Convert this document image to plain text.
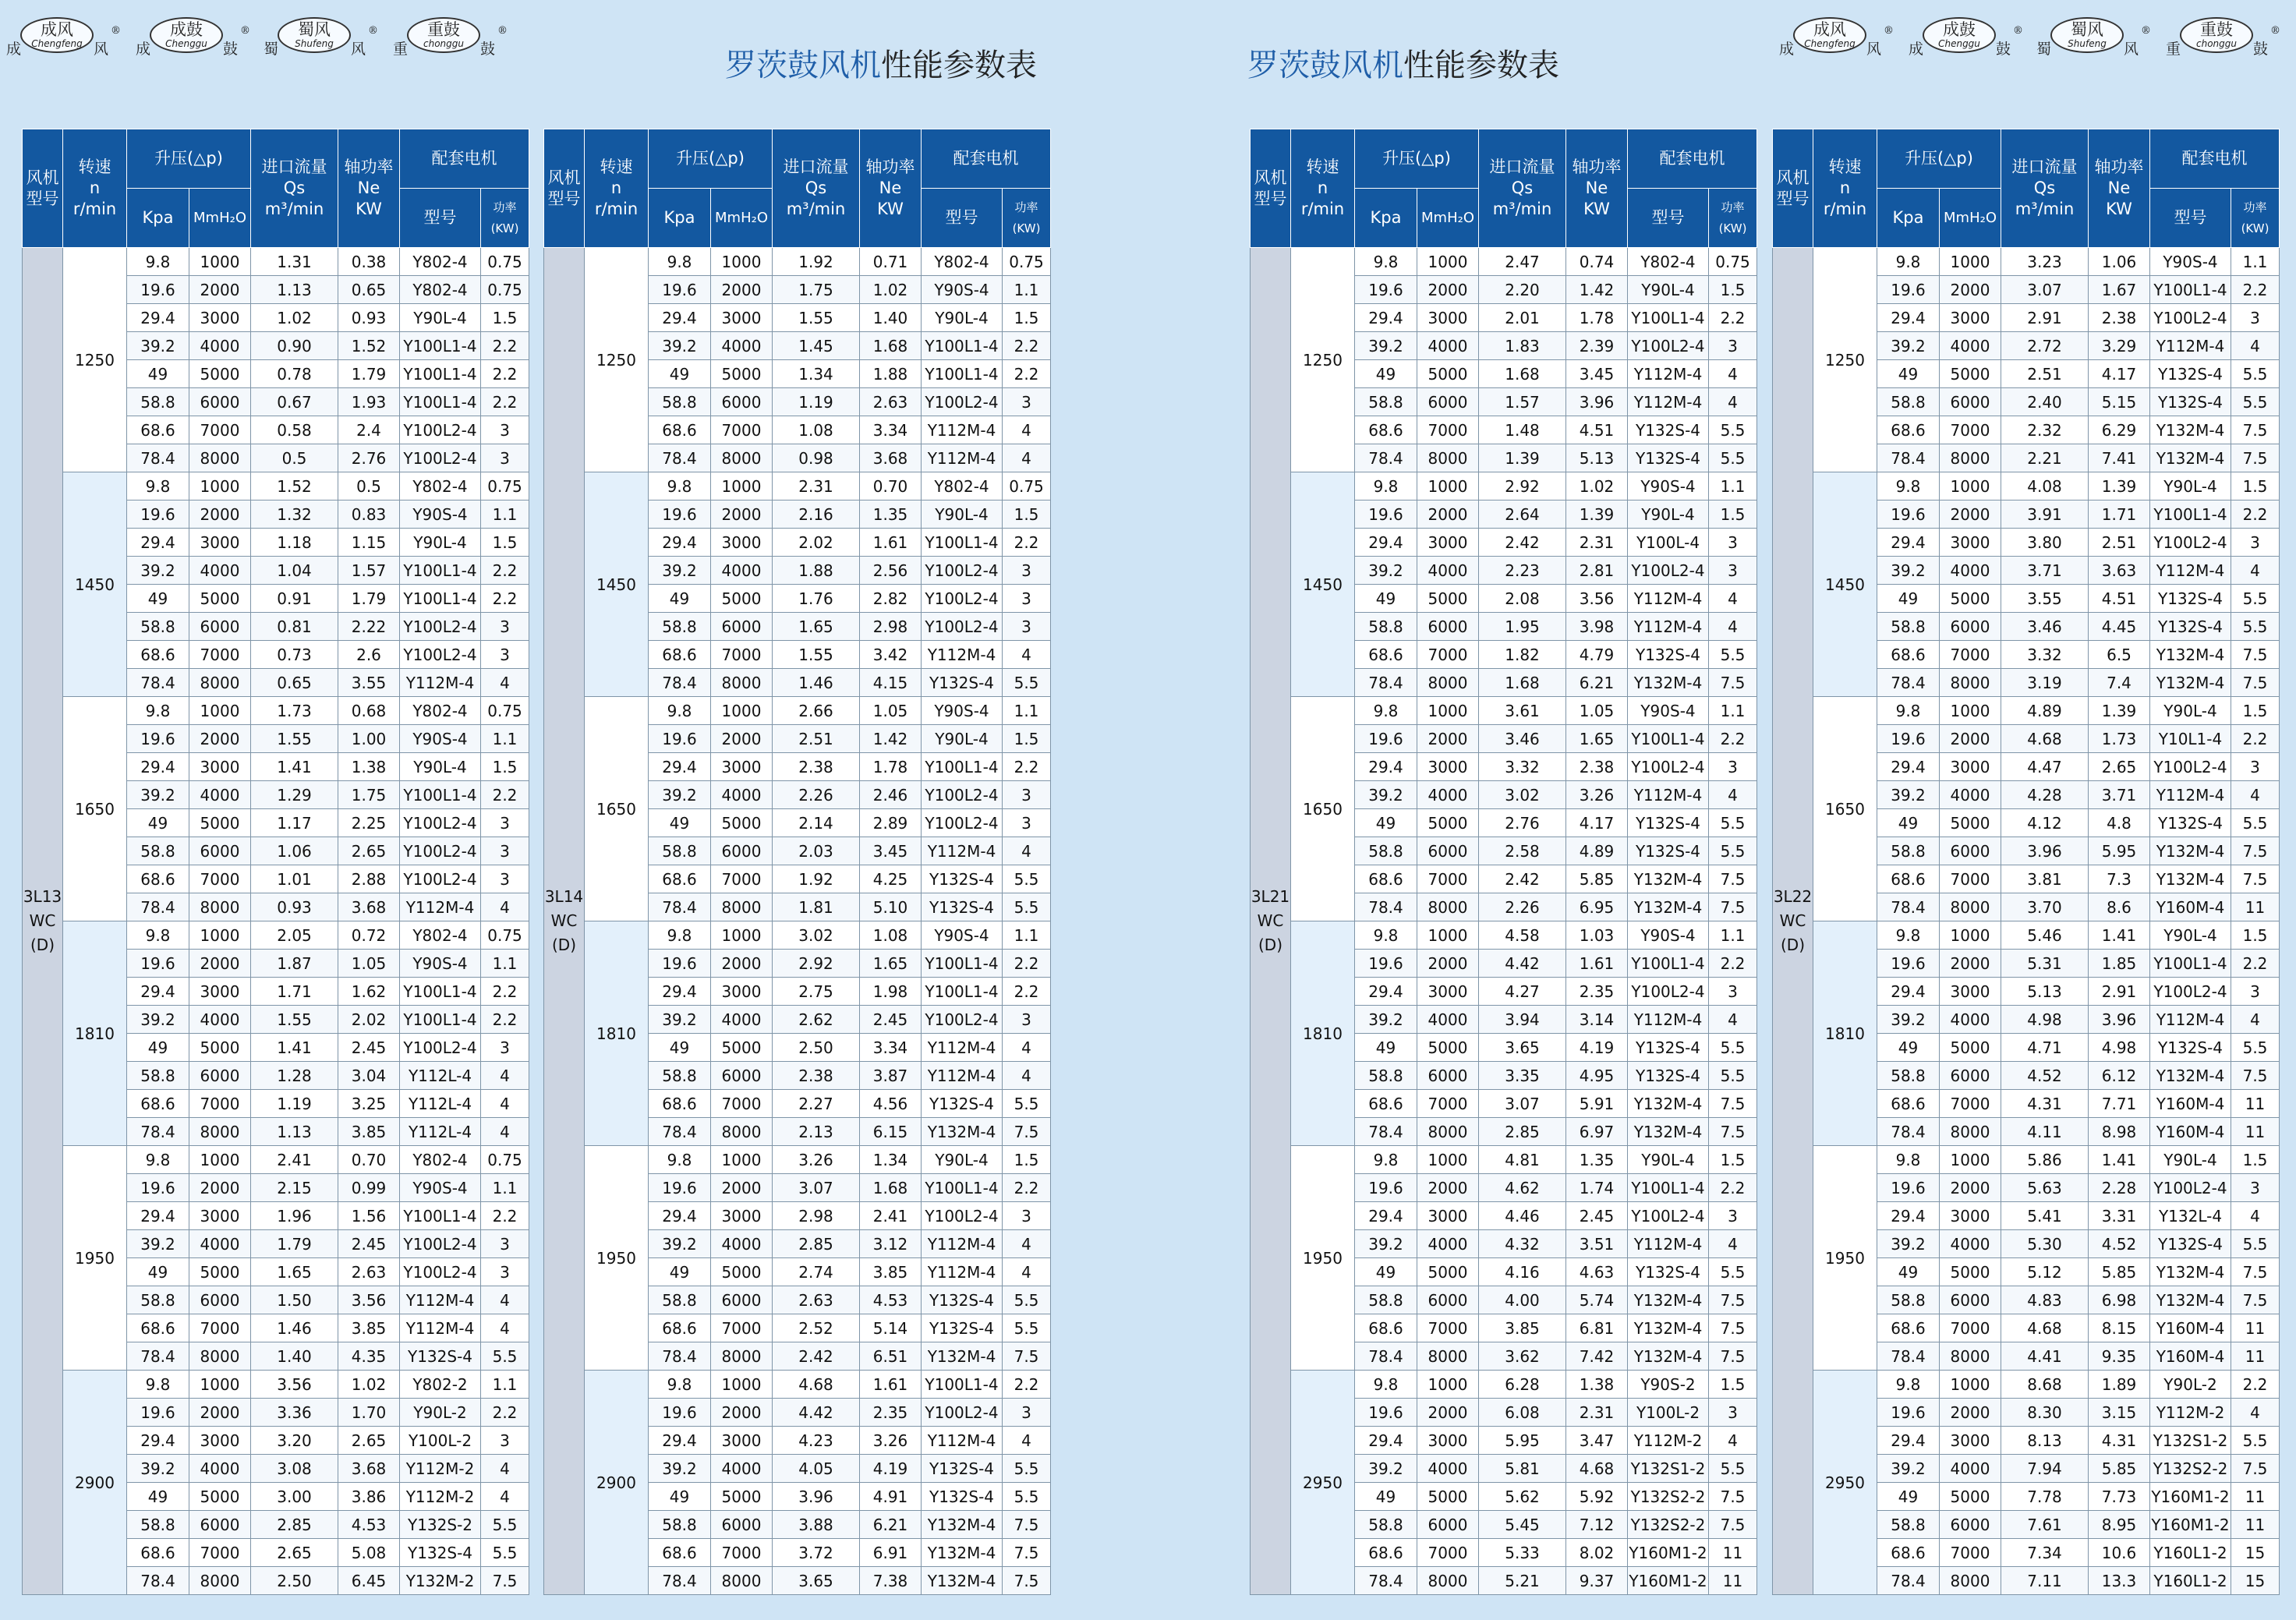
成
成风
Chengfeng 风
®
成
成鼓
Chenggu	鼓
®
蜀
蜀风
Shufeng	风
®
重
重鼓
chonggu	鼓
®
成
成风
Chengfeng 风
®
成
成鼓
Chenggu	鼓
®
蜀
蜀风
Shufeng	风
®
重
重鼓
chonggu	鼓
®
罗茨鼓风机性能参数表	罗茨鼓风机性能参数表
风机
型号	转速
n
r/min	升压(△p)		进口流量
Qs
m³/min	轴功率
Ne
KW	配套电机	
		Kpa	MmH₂O			型号	功率
(KW)
3L13
WC
(D)	1250	9.8	1000	1.31	0.38	Y802-4	0.75
		19.6	2000	1.13	0.65	Y802-4	0.75
		29.4	3000	1.02	0.93	Y90L-4	1.5
		39.2	4000	0.90	1.52	Y100L1-4	2.2
		49	5000	0.78	1.79	Y100L1-4	2.2
		58.8	6000	0.67	1.93	Y100L1-4	2.2
		68.6	7000	0.58	2.4	Y100L2-4	3
		78.4	8000	0.5	2.76	Y100L2-4	3
	1450	9.8	1000	1.52	0.5	Y802-4	0.75
		19.6	2000	1.32	0.83	Y90S-4	1.1
		29.4	3000	1.18	1.15	Y90L-4	1.5
		39.2	4000	1.04	1.57	Y100L1-4	2.2
		49	5000	0.91	1.79	Y100L1-4	2.2
		58.8	6000	0.81	2.22	Y100L2-4	3
		68.6	7000	0.73	2.6	Y100L2-4	3
		78.4	8000	0.65	3.55	Y112M-4	4
	1650	9.8	1000	1.73	0.68	Y802-4	0.75
		19.6	2000	1.55	1.00	Y90S-4	1.1
		29.4	3000	1.41	1.38	Y90L-4	1.5
		39.2	4000	1.29	1.75	Y100L1-4	2.2
		49	5000	1.17	2.25	Y100L2-4	3
		58.8	6000	1.06	2.65	Y100L2-4	3
		68.6	7000	1.01	2.88	Y100L2-4	3
		78.4	8000	0.93	3.68	Y112M-4	4
	1810	9.8	1000	2.05	0.72	Y802-4	0.75
		19.6	2000	1.87	1.05	Y90S-4	1.1
		29.4	3000	1.71	1.62	Y100L1-4	2.2
		39.2	4000	1.55	2.02	Y100L1-4	2.2
		49	5000	1.41	2.45	Y100L2-4	3
		58.8	6000	1.28	3.04	Y112L-4	4
		68.6	7000	1.19	3.25	Y112L-4	4
		78.4	8000	1.13	3.85	Y112L-4	4
	1950	9.8	1000	2.41	0.70	Y802-4	0.75
		19.6	2000	2.15	0.99	Y90S-4	1.1
		29.4	3000	1.96	1.56	Y100L1-4	2.2
		39.2	4000	1.79	2.45	Y100L2-4	3
		49	5000	1.65	2.63	Y100L2-4	3
		58.8	6000	1.50	3.56	Y112M-4	4
		68.6	7000	1.46	3.85	Y112M-4	4
		78.4	8000	1.40	4.35	Y132S-4	5.5
	2900	9.8	1000	3.56	1.02	Y802-2	1.1
		19.6	2000	3.36	1.70	Y90L-2	2.2
		29.4	3000	3.20	2.65	Y100L-2	3
		39.2	4000	3.08	3.68	Y112M-2	4
		49	5000	3.00	3.86	Y112M-2	4
		58.8	6000	2.85	4.53	Y132S-2	5.5
		68.6	7000	2.65	5.08	Y132S-4	5.5
		78.4	8000	2.50	6.45	Y132M-2	7.5
风机
型号	转速
n
r/min	升压(△p)		进口流量
Qs
m³/min	轴功率
Ne
KW	配套电机	
		Kpa	MmH₂O			型号	功率
(KW)
3L14
WC
(D)	1250	9.8	1000	1.92	0.71	Y802-4	0.75
		19.6	2000	1.75	1.02	Y90S-4	1.1
		29.4	3000	1.55	1.40	Y90L-4	1.5
		39.2	4000	1.45	1.68	Y100L1-4	2.2
		49	5000	1.34	1.88	Y100L1-4	2.2
		58.8	6000	1.19	2.63	Y100L2-4	3
		68.6	7000	1.08	3.34	Y112M-4	4
		78.4	8000	0.98	3.68	Y112M-4	4
	1450	9.8	1000	2.31	0.70	Y802-4	0.75
		19.6	2000	2.16	1.35	Y90L-4	1.5
		29.4	3000	2.02	1.61	Y100L1-4	2.2
		39.2	4000	1.88	2.56	Y100L2-4	3
		49	5000	1.76	2.82	Y100L2-4	3
		58.8	6000	1.65	2.98	Y100L2-4	3
		68.6	7000	1.55	3.42	Y112M-4	4
		78.4	8000	1.46	4.15	Y132S-4	5.5
	1650	9.8	1000	2.66	1.05	Y90S-4	1.1
		19.6	2000	2.51	1.42	Y90L-4	1.5
		29.4	3000	2.38	1.78	Y100L1-4	2.2
		39.2	4000	2.26	2.46	Y100L2-4	3
		49	5000	2.14	2.89	Y100L2-4	3
		58.8	6000	2.03	3.45	Y112M-4	4
		68.6	7000	1.92	4.25	Y132S-4	5.5
		78.4	8000	1.81	5.10	Y132S-4	5.5
	1810	9.8	1000	3.02	1.08	Y90S-4	1.1
		19.6	2000	2.92	1.65	Y100L1-4	2.2
		29.4	3000	2.75	1.98	Y100L1-4	2.2
		39.2	4000	2.62	2.45	Y100L2-4	3
		49	5000	2.50	3.34	Y112M-4	4
		58.8	6000	2.38	3.87	Y112M-4	4
		68.6	7000	2.27	4.56	Y132S-4	5.5
		78.4	8000	2.13	6.15	Y132M-4	7.5
	1950	9.8	1000	3.26	1.34	Y90L-4	1.5
		19.6	2000	3.07	1.68	Y100L1-4	2.2
		29.4	3000	2.98	2.41	Y100L2-4	3
		39.2	4000	2.85	3.12	Y112M-4	4
		49	5000	2.74	3.85	Y112M-4	4
		58.8	6000	2.63	4.53	Y132S-4	5.5
		68.6	7000	2.52	5.14	Y132S-4	5.5
		78.4	8000	2.42	6.51	Y132M-4	7.5
	2900	9.8	1000	4.68	1.61	Y100L1-4	2.2
		19.6	2000	4.42	2.35	Y100L2-4	3
		29.4	3000	4.23	3.26	Y112M-4	4
		39.2	4000	4.05	4.19	Y132S-4	5.5
		49	5000	3.96	4.91	Y132S-4	5.5
		58.8	6000	3.88	6.21	Y132M-4	7.5
		68.6	7000	3.72	6.91	Y132M-4	7.5
		78.4	8000	3.65	7.38	Y132M-4	7.5
风机
型号	转速
n
r/min	升压(△p)		进口流量
Qs
m³/min	轴功率
Ne
KW	配套电机	
		Kpa	MmH₂O			型号	功率
(KW)
3L21
WC
(D)	1250	9.8	1000	2.47	0.74	Y802-4	0.75
		19.6	2000	2.20	1.42	Y90L-4	1.5
		29.4	3000	2.01	1.78	Y100L1-4	2.2
		39.2	4000	1.83	2.39	Y100L2-4	3
		49	5000	1.68	3.45	Y112M-4	4
		58.8	6000	1.57	3.96	Y112M-4	4
		68.6	7000	1.48	4.51	Y132S-4	5.5
		78.4	8000	1.39	5.13	Y132S-4	5.5
	1450	9.8	1000	2.92	1.02	Y90S-4	1.1
		19.6	2000	2.64	1.39	Y90L-4	1.5
		29.4	3000	2.42	2.31	Y100L-4	3
		39.2	4000	2.23	2.81	Y100L2-4	3
		49	5000	2.08	3.56	Y112M-4	4
		58.8	6000	1.95	3.98	Y112M-4	4
		68.6	7000	1.82	4.79	Y132S-4	5.5
		78.4	8000	1.68	6.21	Y132M-4	7.5
	1650	9.8	1000	3.61	1.05	Y90S-4	1.1
		19.6	2000	3.46	1.65	Y100L1-4	2.2
		29.4	3000	3.32	2.38	Y100L2-4	3
		39.2	4000	3.02	3.26	Y112M-4	4
		49	5000	2.76	4.17	Y132S-4	5.5
		58.8	6000	2.58	4.89	Y132S-4	5.5
		68.6	7000	2.42	5.85	Y132M-4	7.5
		78.4	8000	2.26	6.95	Y132M-4	7.5
	1810	9.8	1000	4.58	1.03	Y90S-4	1.1
		19.6	2000	4.42	1.61	Y100L1-4	2.2
		29.4	3000	4.27	2.35	Y100L2-4	3
		39.2	4000	3.94	3.14	Y112M-4	4
		49	5000	3.65	4.19	Y132S-4	5.5
		58.8	6000	3.35	4.95	Y132S-4	5.5
		68.6	7000	3.07	5.91	Y132M-4	7.5
		78.4	8000	2.85	6.97	Y132M-4	7.5
	1950	9.8	1000	4.81	1.35	Y90L-4	1.5
		19.6	2000	4.62	1.74	Y100L1-4	2.2
		29.4	3000	4.46	2.45	Y100L2-4	3
		39.2	4000	4.32	3.51	Y112M-4	4
		49	5000	4.16	4.63	Y132S-4	5.5
		58.8	6000	4.00	5.74	Y132M-4	7.5
		68.6	7000	3.85	6.81	Y132M-4	7.5
		78.4	8000	3.62	7.42	Y132M-4	7.5
	2950	9.8	1000	6.28	1.38	Y90S-2	1.5
		19.6	2000	6.08	2.31	Y100L-2	3
		29.4	3000	5.95	3.47	Y112M-2	4
		39.2	4000	5.81	4.68	Y132S1-2	5.5
		49	5000	5.62	5.92	Y132S2-2	7.5
		58.8	6000	5.45	7.12	Y132S2-2	7.5
		68.6	7000	5.33	8.02	Y160M1-2	11
		78.4	8000	5.21	9.37	Y160M1-2	11
风机
型号	转速
n
r/min	升压(△p)		进口流量
Qs
m³/min	轴功率
Ne
KW	配套电机	
		Kpa	MmH₂O			型号	功率
(KW)
3L22
WC
(D)	1250	9.8	1000	3.23	1.06	Y90S-4	1.1
		19.6	2000	3.07	1.67	Y100L1-4	2.2
		29.4	3000	2.91	2.38	Y100L2-4	3
		39.2	4000	2.72	3.29	Y112M-4	4
		49	5000	2.51	4.17	Y132S-4	5.5
		58.8	6000	2.40	5.15	Y132S-4	5.5
		68.6	7000	2.32	6.29	Y132M-4	7.5
		78.4	8000	2.21	7.41	Y132M-4	7.5
	1450	9.8	1000	4.08	1.39	Y90L-4	1.5
		19.6	2000	3.91	1.71	Y100L1-4	2.2
		29.4	3000	3.80	2.51	Y100L2-4	3
		39.2	4000	3.71	3.63	Y112M-4	4
		49	5000	3.55	4.51	Y132S-4	5.5
		58.8	6000	3.46	4.45	Y132S-4	5.5
		68.6	7000	3.32	6.5	Y132M-4	7.5
		78.4	8000	3.19	7.4	Y132M-4	7.5
	1650	9.8	1000	4.89	1.39	Y90L-4	1.5
		19.6	2000	4.68	1.73	Y10L1-4	2.2
		29.4	3000	4.47	2.65	Y100L2-4	3
		39.2	4000	4.28	3.71	Y112M-4	4
		49	5000	4.12	4.8	Y132S-4	5.5
		58.8	6000	3.96	5.95	Y132M-4	7.5
		68.6	7000	3.81	7.3	Y132M-4	7.5
		78.4	8000	3.70	8.6	Y160M-4	11
	1810	9.8	1000	5.46	1.41	Y90L-4	1.5
		19.6	2000	5.31	1.85	Y100L1-4	2.2
		29.4	3000	5.13	2.91	Y100L2-4	3
		39.2	4000	4.98	3.96	Y112M-4	4
		49	5000	4.71	4.98	Y132S-4	5.5
		58.8	6000	4.52	6.12	Y132M-4	7.5
		68.6	7000	4.31	7.71	Y160M-4	11
		78.4	8000	4.11	8.98	Y160M-4	11
	1950	9.8	1000	5.86	1.41	Y90L-4	1.5
		19.6	2000	5.63	2.28	Y100L2-4	3
		29.4	3000	5.41	3.31	Y132L-4	4
		39.2	4000	5.30	4.52	Y132S-4	5.5
		49	5000	5.12	5.85	Y132M-4	7.5
		58.8	6000	4.83	6.98	Y132M-4	7.5
		68.6	7000	4.68	8.15	Y160M-4	11
		78.4	8000	4.41	9.35	Y160M-4	11
	2950	9.8	1000	8.68	1.89	Y90L-2	2.2
		19.6	2000	8.30	3.15	Y112M-2	4
		29.4	3000	8.13	4.31	Y132S1-2	5.5
		39.2	4000	7.94	5.85	Y132S2-2	7.5
		49	5000	7.78	7.73	Y160M1-2	11
		58.8	6000	7.61	8.95	Y160M1-2	11
		68.6	7000	7.34	10.6	Y160L1-2	15
		78.4	8000	7.11	13.3	Y160L1-2	15
